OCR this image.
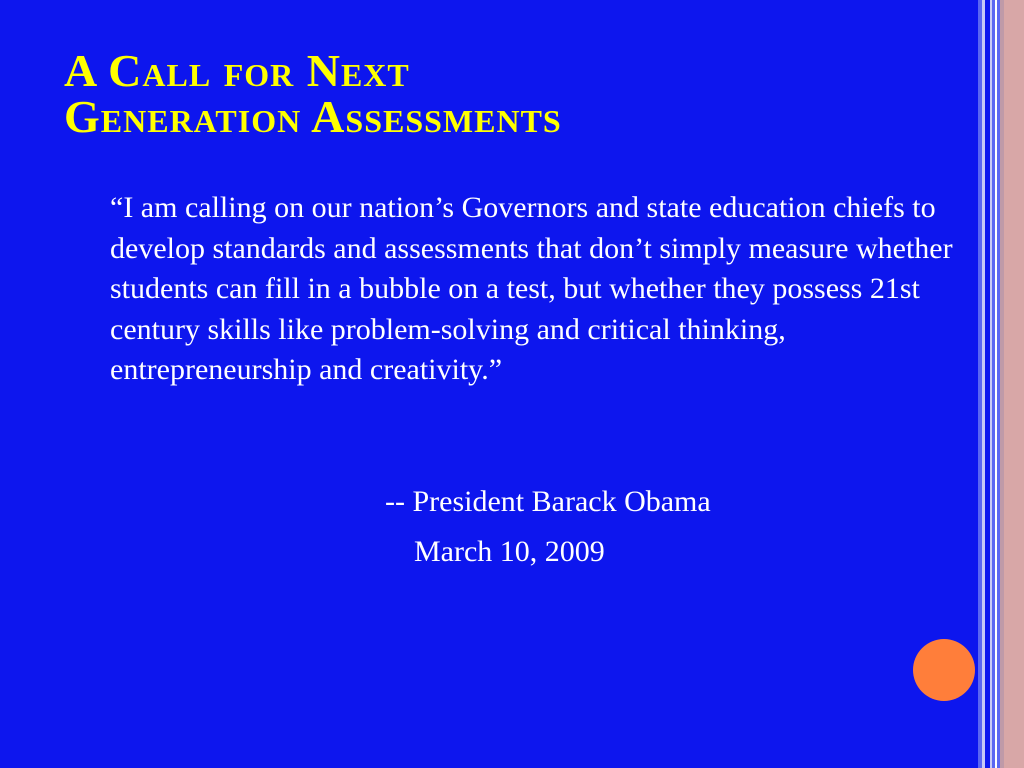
A Call for Next
Generation Assessments

“I am calling on our nation’s Governors and state education chiefs to develop standards and assessments that don’t simply measure whether students can fill in a bubble on a test, but whether they possess 21st century skills like problem-solving and critical thinking, entrepreneurship and creativity.”

-- President Barack Obama
March 10, 2009
